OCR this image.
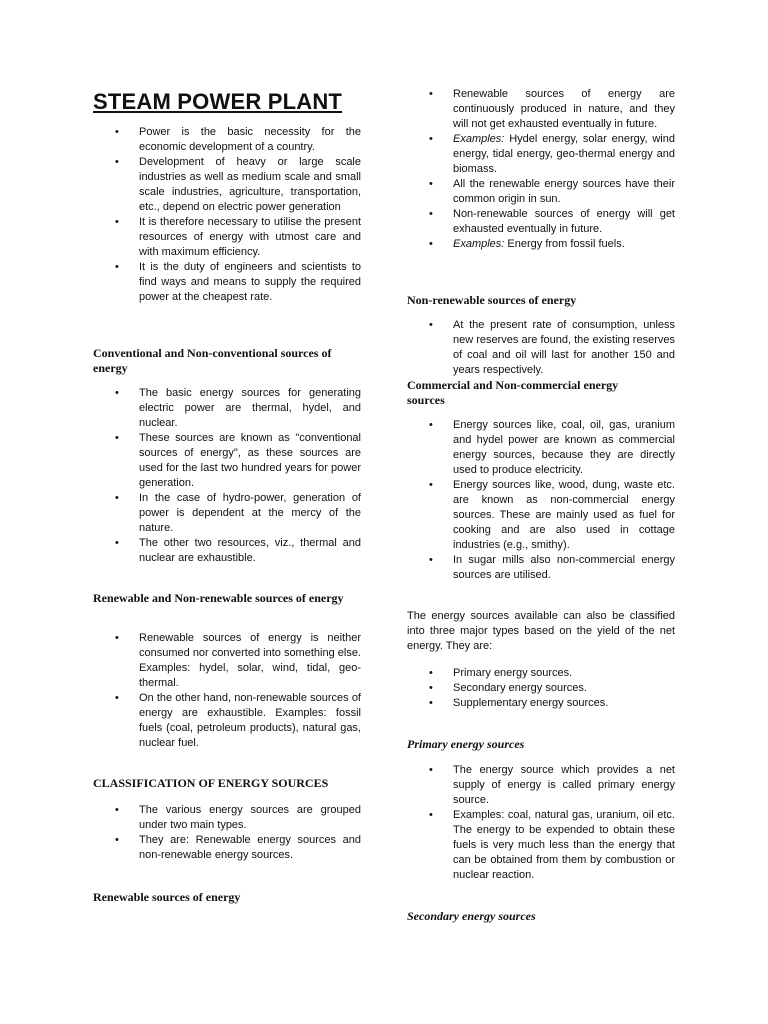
STEAM POWER PLANT
• Power is the basic necessity for the economic development of a country.
• Development of heavy or large scale industries as well as medium scale and small scale industries, agriculture, transportation, etc., depend on electric power generation
• It is therefore necessary to utilise the present resources of energy with utmost care and with maximum efficiency.
• It is the duty of engineers and scientists to find ways and means to supply the required power at the cheapest rate.
Conventional and Non-conventional sources of energy
• The basic energy sources for generating electric power are thermal, hydel, and nuclear.
• These sources are known as "conventional sources of energy", as these sources are used for the last two hundred years for power generation.
• In the case of hydro-power, generation of power is dependent at the mercy of the nature.
• The other two resources, viz., thermal and nuclear are exhaustible.
Renewable and Non-renewable sources of energy
• Renewable sources of energy is neither consumed nor converted into something else. Examples: hydel, solar, wind, tidal, geo-thermal.
• On the other hand, non-renewable sources of energy are exhaustible. Examples: fossil fuels (coal, petroleum products), natural gas, nuclear fuel.
CLASSIFICATION OF ENERGY SOURCES
• The various energy sources are grouped under two main types.
• They are: Renewable energy sources and non-renewable energy sources.
Renewable sources of energy
• Renewable sources of energy are continuously produced in nature, and they will not get exhausted eventually in future.
• Examples: Hydel energy, solar energy, wind energy, tidal energy, geo-thermal energy and biomass.
• All the renewable energy sources have their common origin in sun.
• Non-renewable sources of energy will get exhausted eventually in future.
• Examples: Energy from fossil fuels.
Non-renewable sources of energy
• At the present rate of consumption, unless new reserves are found, the existing reserves of coal and oil will last for another 150 and years respectively.
Commercial and Non-commercial energy sources
• Energy sources like, coal, oil, gas, uranium and hydel power are known as commercial energy sources, because they are directly used to produce electricity.
• Energy sources like, wood, dung, waste etc. are known as non-commercial energy sources. These are mainly used as fuel for cooking and are also used in cottage industries (e.g., smithy).
• In sugar mills also non-commercial energy sources are utilised.

The energy sources available can also be classified into three major types based on the yield of the net energy. They are:

• Primary energy sources.
• Secondary energy sources.
• Supplementary energy sources.
Primary energy sources
• The energy source which provides a net supply of energy is called primary energy source.
• Examples: coal, natural gas, uranium, oil etc. The energy to be expended to obtain these fuels is very much less than the energy that can be obtained from them by combustion or nuclear reaction.
Secondary energy sources
